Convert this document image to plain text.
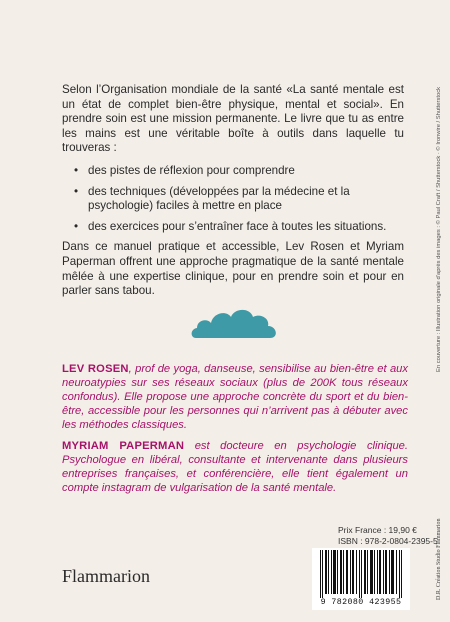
Selon l’Organisation mondiale de la santé «La santé mentale est un état de complet bien-être physique, mental et social». En prendre soin est une mission permanente. Le livre que tu as entre les mains est une véritable boîte à outils dans laquelle tu trouveras :

• des pistes de réflexion pour comprendre
• des techniques (développées par la médecine et la psychologie) faciles à mettre en place
• des exercices pour s’entraîner face à toutes les situations.

Dans ce manuel pratique et accessible, Lev Rosen et Myriam Paperman offrent une approche pragmatique de la santé mentale mêlée à une expertise clinique, pour en prendre soin et pour en parler sans tabou.

LEV ROSEN, prof de yoga, danseuse, sensibilise au bien-être et aux neuroatypies sur ses réseaux sociaux (plus de 200K tous réseaux confondus). Elle propose une approche concrète du sport et du bien-être, accessible pour les personnes qui n’arrivent pas à débuter avec les méthodes classiques.

MYRIAM PAPERMAN est docteure en psychologie clinique. Psychologue en libéral, consultante et intervenante dans plusieurs entreprises françaises, et conférencière, elle tient également un compte instagram de vulgarisation de la santé mentale.

Prix France : 19,90 €
ISBN : 978-2-0804-2395-5
9 782080 423955
Flammarion
En couverture : Illustration originale d’après des images : © Paul Craft / Shutterstock · © Ironwire / Shutterstock
D.R. Création Studio Flammarion
